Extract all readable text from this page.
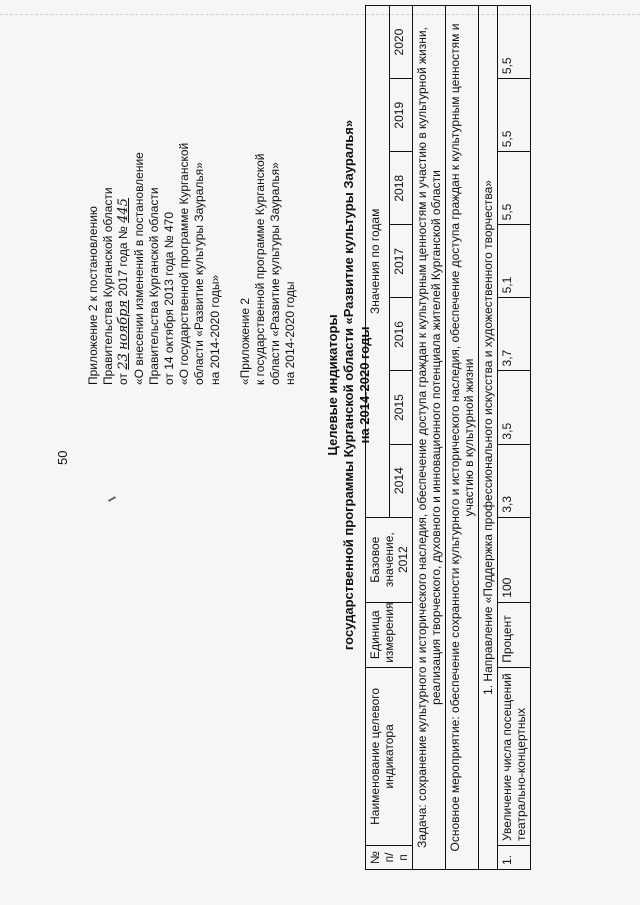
50

Приложение 2 к постановлению Правительства Курганской области от 23 ноября 2017 года № 445 «О внесении изменений в постановление Правительства Курганской области от 14 октября 2013 года № 470 «О государственной программе Курганской области «Развитие культуры Зауралья» на 2014-2020 годы» «Приложение 2 к государственной программе Курганской области «Развитие культуры Зауралья» на 2014-2020 годы Целевые индикаторы государственной программы Курганской области «Развитие культуры Зауралья» на 2014-2020 годы
№ п/п	Наименование целевого индикатора	Единица измерения	Базовое значение, 2012	Значения по годам						
				2014	2015	2016	2017	2018	2019	2020
Задача: сохранение культурного и исторического наследия, обеспечение доступа граждан к культурным ценностям и участию в культурной жизни, реализация творческого, духовного и инновационного потенциала жителей Курганской области										
Основное мероприятие: обеспечение сохранности культурного и исторического наследия, обеспечение доступа граждан к культурным ценностям и участию в культурной жизни										
1. Направление «Поддержка профессионального искусства и художественного творчества»										
1.	Увеличение числа посещений театрально-концертных	Процент	100	3,3	3,5	3,7	5,1	5,5	5,5	5,5
